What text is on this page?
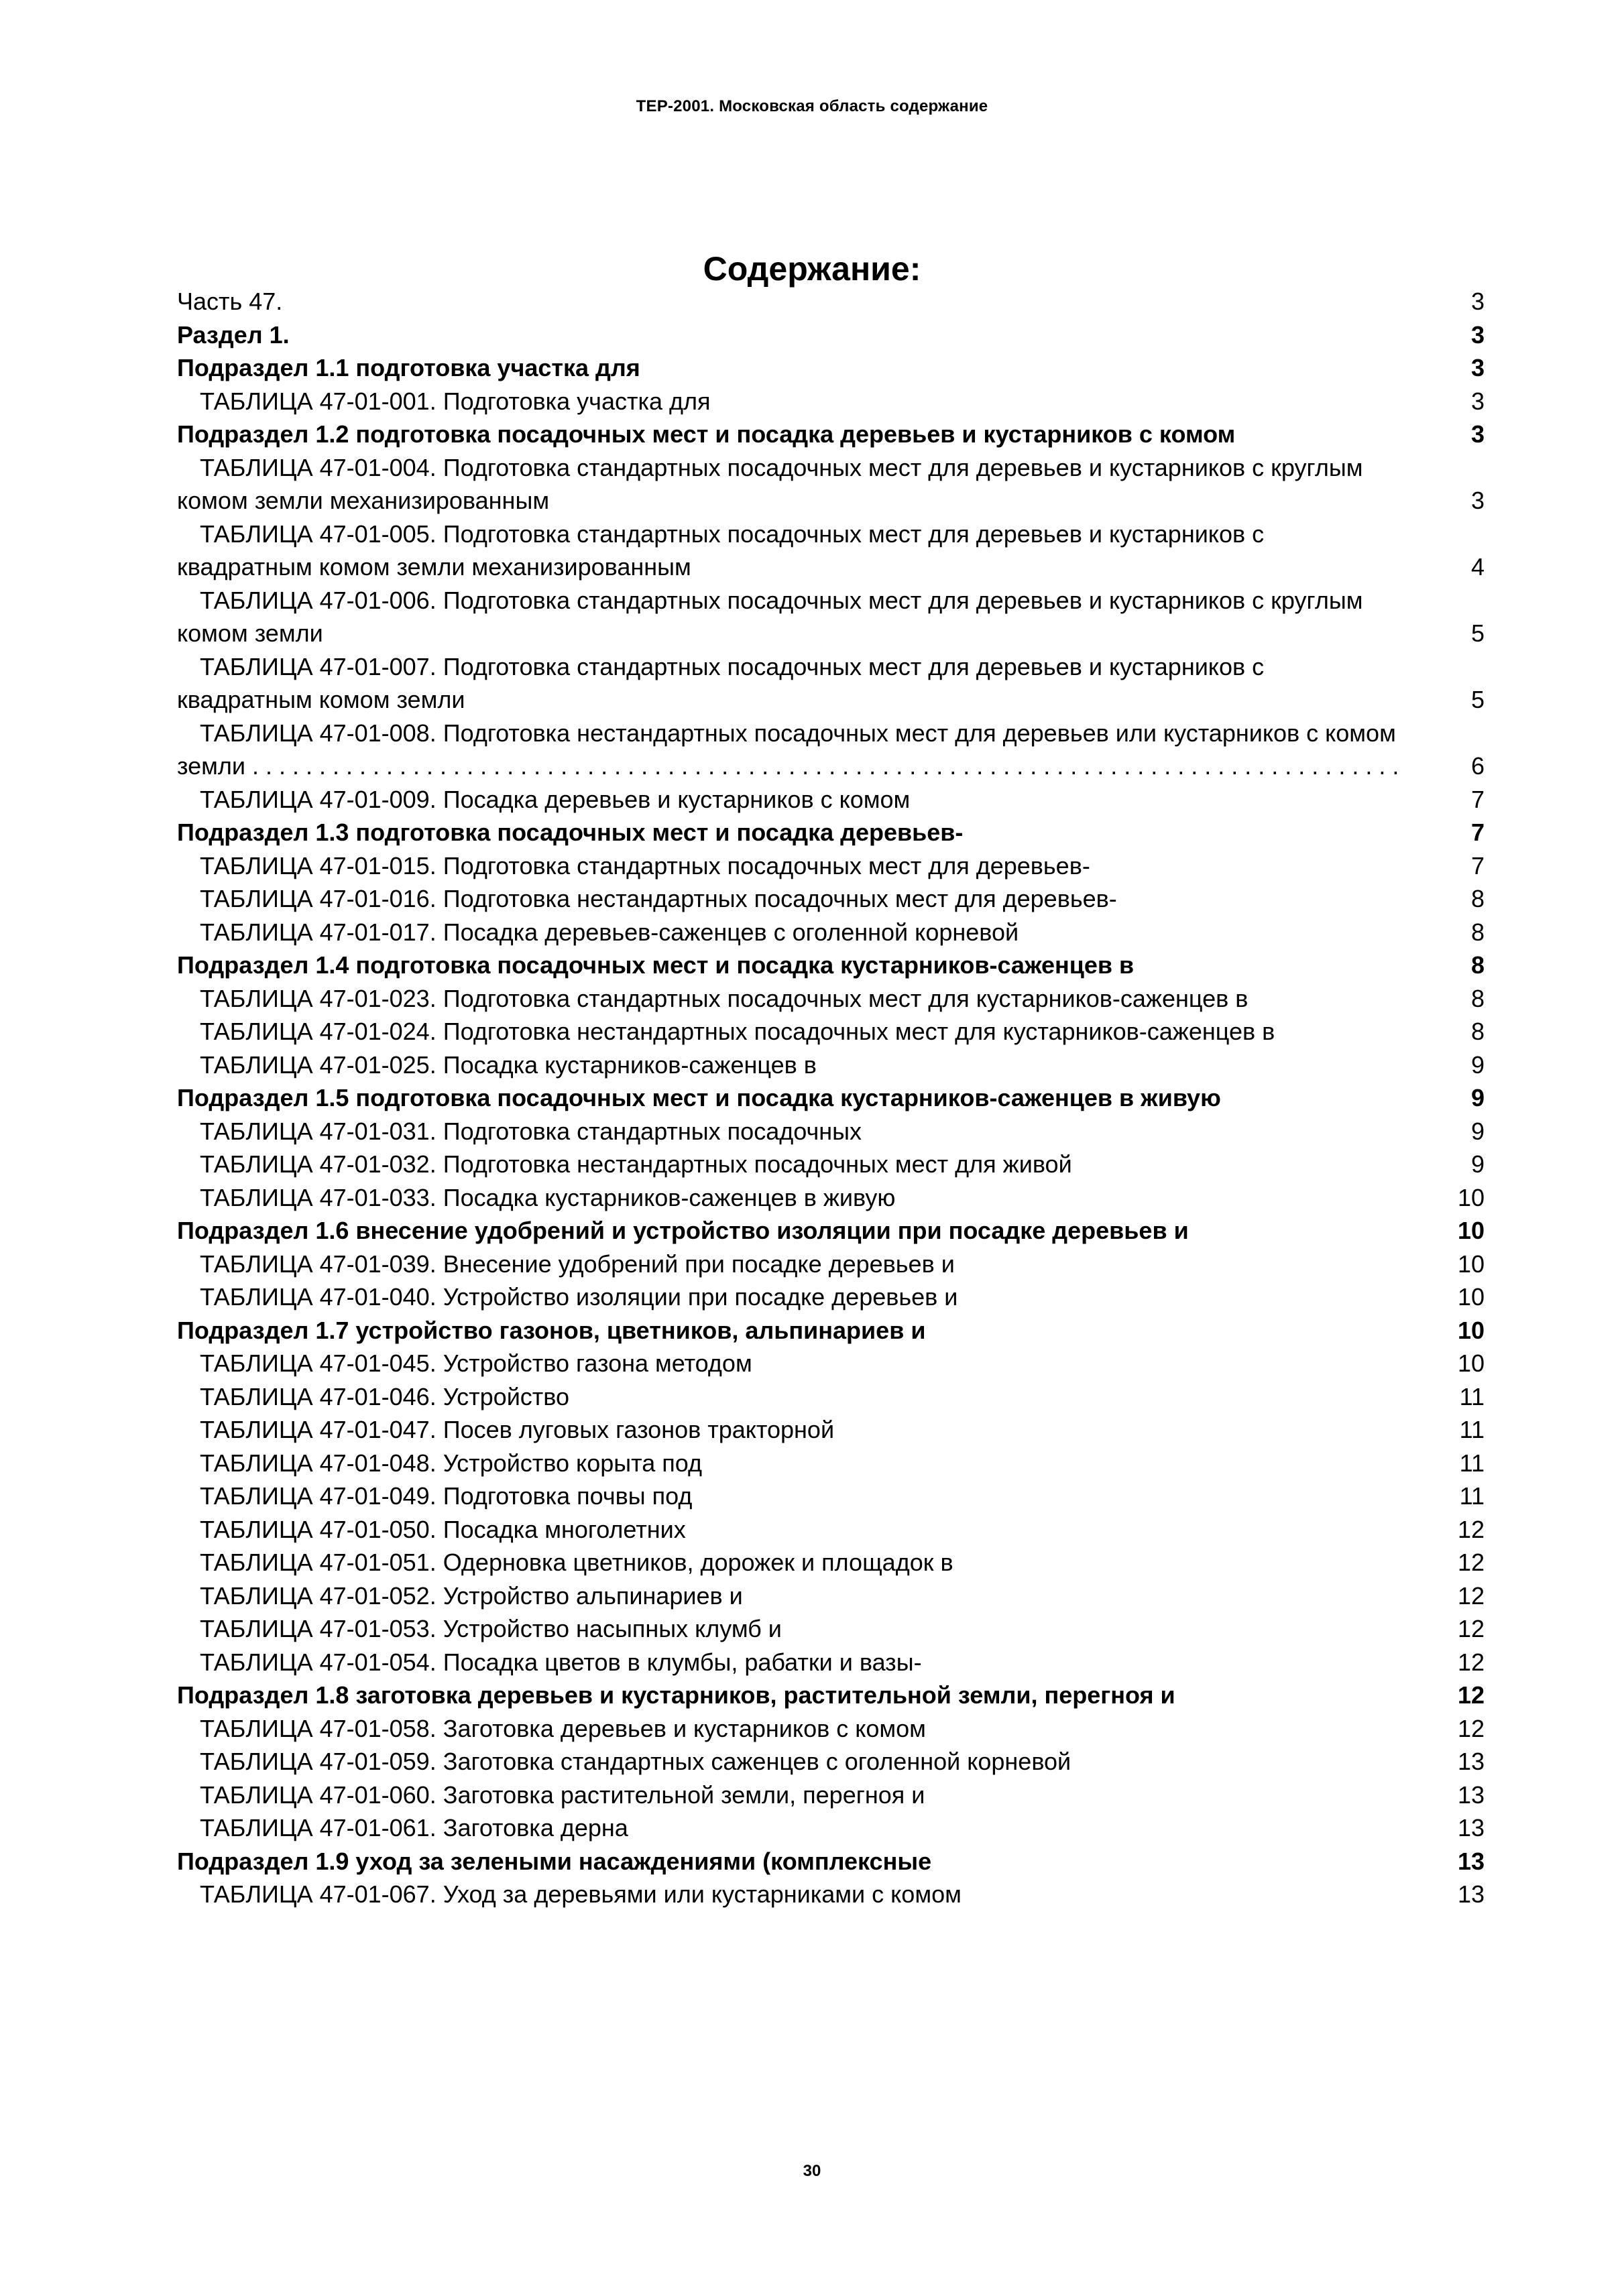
ТЕР-2001. Московская область содержание
Содержание:
Часть 47. . . .	3
Раздел 1. . . .	3
Подраздел 1.1 подготовка участка для . . .	3
ТАБЛИЦА 47-01-001. Подготовка участка для . . .	3
Подраздел 1.2 подготовка посадочных мест и посадка деревьев и кустарников с комом . . .	3
ТАБЛИЦА 47-01-004. Подготовка стандартных посадочных мест для деревьев и кустарников с круглым комом земли механизированным . . .	3
ТАБЛИЦА 47-01-005. Подготовка стандартных посадочных мест для деревьев и кустарников с квадратным комом земли механизированным . . .	4
ТАБЛИЦА 47-01-006. Подготовка стандартных посадочных мест для деревьев и кустарников с круглым комом земли . . .	5
ТАБЛИЦА 47-01-007. Подготовка стандартных посадочных мест для деревьев и кустарников с квадратным комом земли . . .	5
ТАБЛИЦА 47-01-008. Подготовка нестандартных посадочных мест для деревьев или кустарников с комом земли . . .	6
ТАБЛИЦА 47-01-009. Посадка деревьев и кустарников с комом . . .	7
Подраздел 1.3 подготовка посадочных мест и посадка деревьев- . . .	7
ТАБЛИЦА 47-01-015. Подготовка стандартных посадочных мест для деревьев- . . .	7
ТАБЛИЦА 47-01-016. Подготовка нестандартных посадочных мест для деревьев- . . .	8
ТАБЛИЦА 47-01-017. Посадка деревьев-саженцев с оголенной корневой . . .	8
Подраздел 1.4 подготовка посадочных мест и посадка кустарников-саженцев в . . .	8
ТАБЛИЦА 47-01-023. Подготовка стандартных посадочных мест для кустарников-саженцев в . . .	8
ТАБЛИЦА 47-01-024. Подготовка нестандартных посадочных мест для кустарников-саженцев в . . .	8
ТАБЛИЦА 47-01-025. Посадка кустарников-саженцев в . . .	9
Подраздел 1.5 подготовка посадочных мест и посадка кустарников-саженцев в живую . . .	9
ТАБЛИЦА 47-01-031. Подготовка стандартных посадочных . . .	9
ТАБЛИЦА 47-01-032. Подготовка нестандартных посадочных мест для живой . . .	9
ТАБЛИЦА 47-01-033. Посадка кустарников-саженцев в живую . . .	10
Подраздел 1.6 внесение удобрений и устройство изоляции при посадке деревьев и . . .	10
ТАБЛИЦА 47-01-039. Внесение удобрений при посадке деревьев и . . .	10
ТАБЛИЦА 47-01-040. Устройство изоляции при посадке деревьев и . . .	10
Подраздел 1.7 устройство газонов, цветников, альпинариев и . . .	10
ТАБЛИЦА 47-01-045. Устройство газона методом . . .	10
ТАБЛИЦА 47-01-046. Устройство . . .	11
ТАБЛИЦА 47-01-047. Посев луговых газонов тракторной . . .	11
ТАБЛИЦА 47-01-048. Устройство корыта под . . .	11
ТАБЛИЦА 47-01-049. Подготовка почвы под . . .	11
ТАБЛИЦА 47-01-050. Посадка многолетних . . .	12
ТАБЛИЦА 47-01-051. Одерновка цветников, дорожек и площадок в . . .	12
ТАБЛИЦА 47-01-052. Устройство альпинариев и . . .	12
ТАБЛИЦА 47-01-053. Устройство насыпных клумб и . . .	12
ТАБЛИЦА 47-01-054. Посадка цветов в клумбы, рабатки и вазы- . . .	12
Подраздел 1.8 заготовка деревьев и кустарников, растительной земли, перегноя и . . .	12
ТАБЛИЦА 47-01-058. Заготовка деревьев и кустарников с комом . . .	12
ТАБЛИЦА 47-01-059. Заготовка стандартных саженцев с оголенной корневой . . .	13
ТАБЛИЦА 47-01-060. Заготовка растительной земли, перегноя и . . .	13
ТАБЛИЦА 47-01-061. Заготовка дерна . . .	13
Подраздел 1.9 уход за зелеными насаждениями (комплексные . . .	13
ТАБЛИЦА 47-01-067. Уход за деревьями или кустарниками с комом . . .	13
30
